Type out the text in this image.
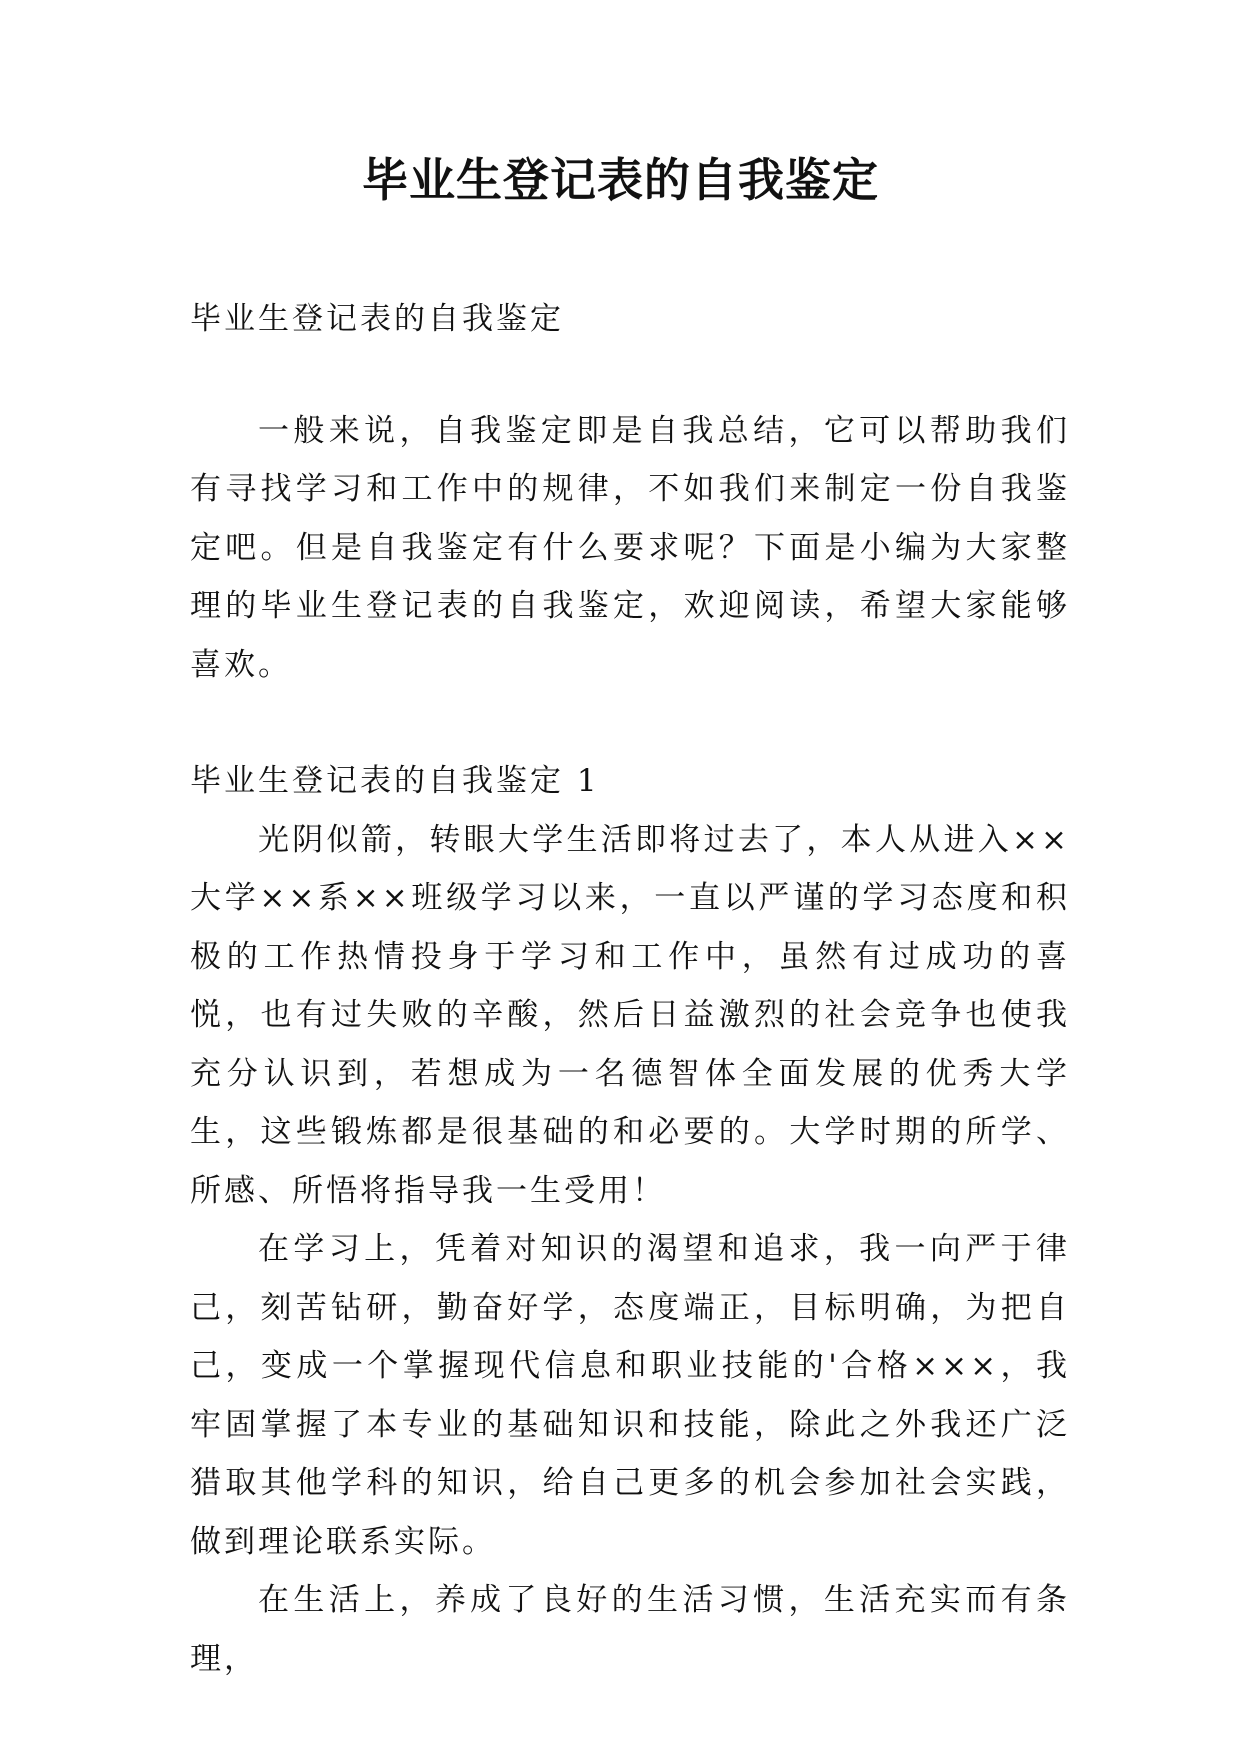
毕业生登记表的自我鉴定

毕业生登记表的自我鉴定

一般来说，自我鉴定即是自我总结，它可以帮助我们有寻找学习和工作中的规律，不如我们来制定一份自我鉴定吧。但是自我鉴定有什么要求呢？下面是小编为大家整理的毕业生登记表的自我鉴定，欢迎阅读，希望大家能够喜欢。

毕业生登记表的自我鉴定 1

光阴似箭，转眼大学生活即将过去了，本人从进入××大学××系××班级学习以来，一直以严谨的学习态度和积极的工作热情投身于学习和工作中，虽然有过成功的喜悦，也有过失败的辛酸，然后日益激烈的社会竞争也使我充分认识到，若想成为一名德智体全面发展的优秀大学生，这些锻炼都是很基础的和必要的。大学时期的所学、所感、所悟将指导我一生受用！

在学习上，凭着对知识的渴望和追求，我一向严于律己，刻苦钻研，勤奋好学，态度端正，目标明确，为把自己，变成一个掌握现代信息和职业技能的'合格×××，我牢固掌握了本专业的基础知识和技能，除此之外我还广泛猎取其他学科的知识，给自己更多的机会参加社会实践，做到理论联系实际。

在生活上，养成了良好的生活习惯，生活充实而有条理，
